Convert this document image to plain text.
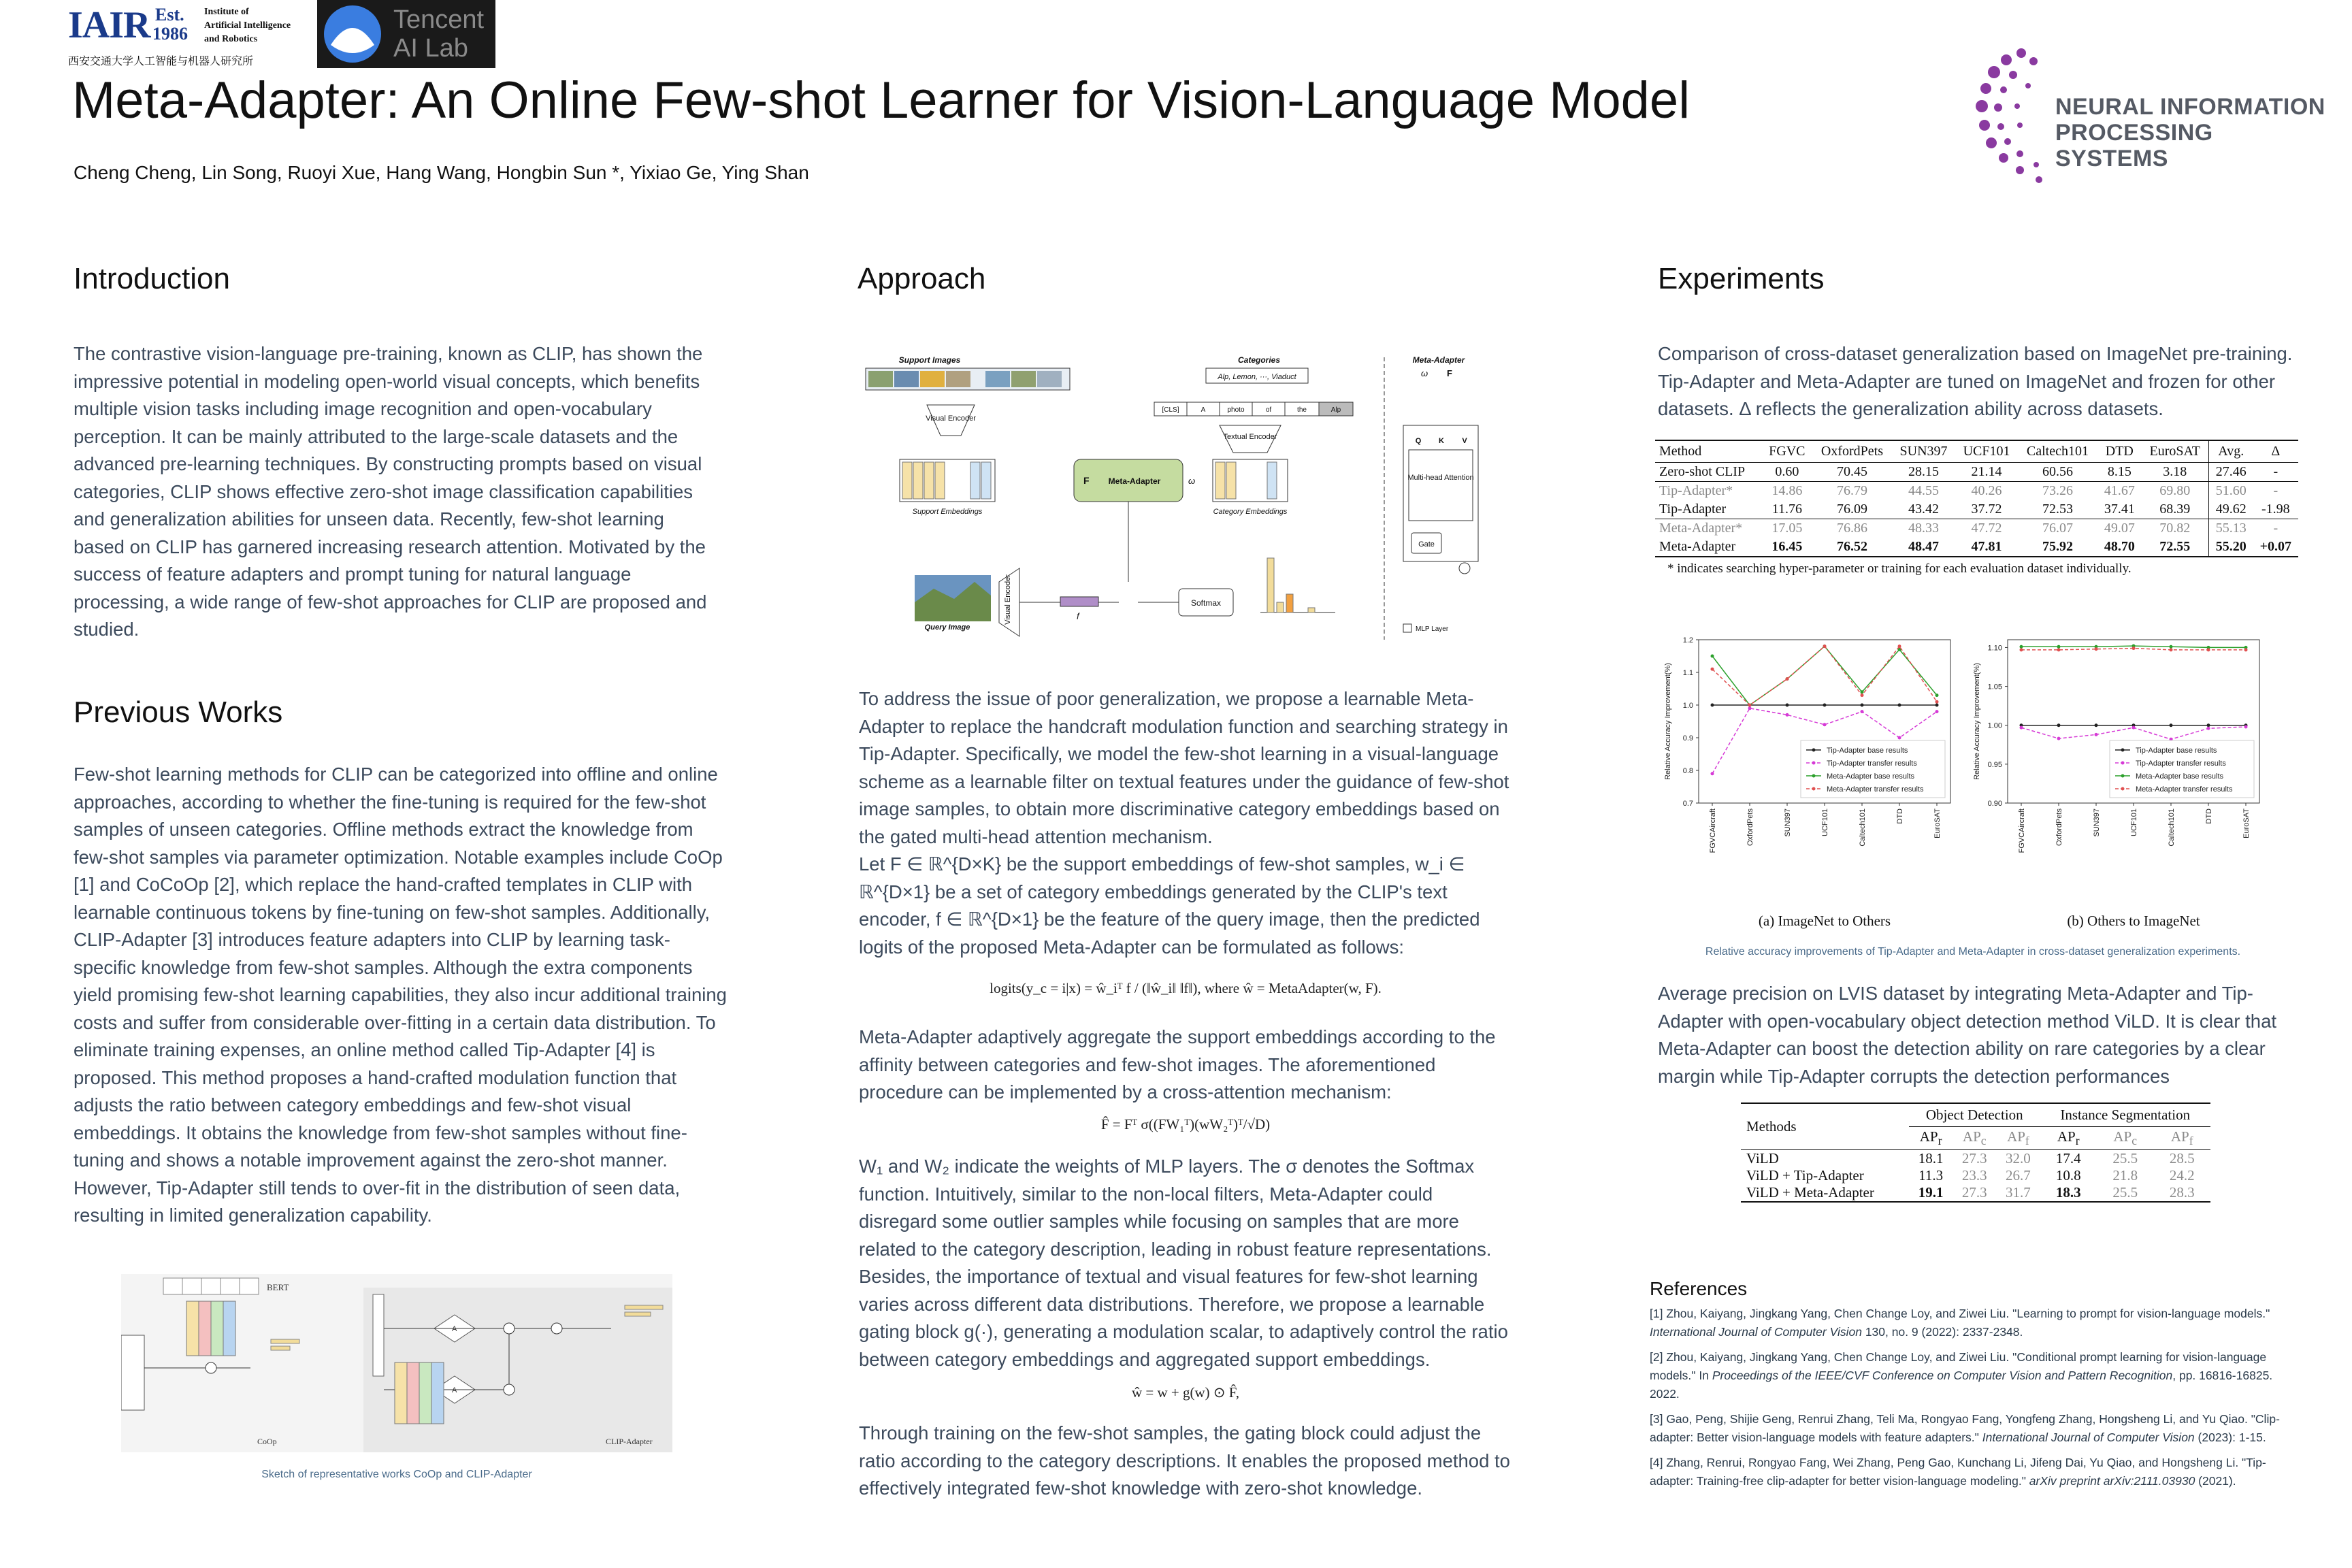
IAIR Est.
1986
Institute of
Artificial Intelligence
and Robotics
西安交通大学人工智能与机器人研究所
Tencent
AI Lab
NEURAL INFORMATION
PROCESSING SYSTEMS
Meta-Adapter: An Online Few-shot Learner for Vision-Language Model
Cheng Cheng, Lin Song, Ruoyi Xue, Hang Wang, Hongbin Sun *, Yixiao Ge, Ying Shan
Introduction
The contrastive vision-language pre-training, known as CLIP, has shown the impressive potential in modeling open-world visual concepts, which benefits multiple vision tasks including image recognition and open-vocabulary perception. It can be mainly attributed to the large-scale datasets and the advanced pre-learning techniques. By constructing prompts based on visual categories, CLIP shows effective zero-shot image classification capabilities and generalization abilities for unseen data. Recently, few-shot learning based on CLIP has garnered increasing research attention. Motivated by the success of feature adapters and prompt tuning for natural language processing, a wide range of few-shot approaches for CLIP are proposed and studied.
Previous Works
Few-shot learning methods for CLIP can be categorized into offline and online approaches, according to whether the fine-tuning is required for the few-shot samples of unseen categories. Offline methods extract the knowledge from few-shot samples via parameter optimization. Notable examples include CoOp [1] and CoCoOp [2], which replace the hand-crafted templates in CLIP with learnable continuous tokens by fine-tuning on few-shot samples. Additionally, CLIP-Adapter [3] introduces feature adapters into CLIP by learning task-specific knowledge from few-shot samples. Although the extra components yield promising few-shot learning capabilities, they also incur additional training costs and suffer from considerable over-fitting in a certain data distribution. To eliminate training expenses, an online method called Tip-Adapter [4] is proposed. This method proposes a hand-crafted modulation function that adjusts the ratio between category embeddings and few-shot visual embeddings. It obtains the knowledge from few-shot samples without fine-tuning and shows a notable improvement against the zero-shot manner. However, Tip-Adapter still tends to over-fit in the distribution of seen data, resulting in limited generalization capability.
BERT
CoOp
A
A
CLIP-Adapter
Sketch of representative works CoOp and CLIP-Adapter
Approach
Support Images
Visual Encoder
Support Embeddings
F Meta-Adapter	ω
Categories
Alp, Lemon, ···, Viaduct
[CLS]	A	photo	of	the	Alp
Textual Encoder
Category Embeddings
Query Image
Visual Encoder	f
Softmax
Meta-Adapter
ω F
Q K V
Multi-head Attention
Gate
MLP Layer
To address the issue of poor generalization, we propose a learnable Meta-Adapter to replace the handcraft modulation function and searching strategy in Tip-Adapter. Specifically, we model the few-shot learning in a visual-language scheme as a learnable filter on textual features under the guidance of few-shot image samples, to obtain more discriminative category embeddings based on the gated multi-head attention mechanism.
Let F ∈ ℝ^{D×K} be the support embeddings of few-shot samples, w_i ∈ ℝ^{D×1} be a set of category embeddings generated by the CLIP's text encoder, f ∈ ℝ^{D×1} be the feature of the query image, then the predicted logits of the proposed Meta-Adapter can be formulated as follows:
logits(y_c = i|x) = ŵ_iᵀ f / (‖ŵ_i‖ ‖f‖), where ŵ = MetaAdapter(w, F).
Meta-Adapter adaptively aggregate the support embeddings according to the affinity between categories and few-shot images. The aforementioned procedure can be implemented by a cross-attention mechanism:
F̂ = Fᵀ σ((FW₁ᵀ)(wW₂ᵀ)ᵀ/√D)
W₁ and W₂ indicate the weights of MLP layers. The σ denotes the Softmax function. Intuitively, similar to the non-local filters, Meta-Adapter could disregard some outlier samples while focusing on samples that are more related to the category description, leading in robust feature representations. Besides, the importance of textual and visual features for few-shot learning varies across different data distributions. Therefore, we propose a learnable gating block g(·), generating a modulation scalar, to adaptively control the ratio between category embeddings and aggregated support embeddings.
ŵ = w + g(w) ⊙ F̂,
Through training on the few-shot samples, the gating block could adjust the ratio according to the category descriptions. It enables the proposed method to effectively integrated few-shot knowledge with zero-shot knowledge.
Experiments
Comparison of cross-dataset generalization based on ImageNet pre-training. Tip-Adapter and Meta-Adapter are tuned on ImageNet and frozen for other datasets. Δ reflects the generalization ability across datasets.
Method	FGVC	OxfordPets	SUN397	UCF101	Caltech101	DTD	EuroSAT	Avg.	Δ
Zero-shot CLIP	0.60	70.45	28.15	21.14	60.56	8.15	3.18	27.46	-
Tip-Adapter*	14.86	76.79	44.55	40.26	73.26	41.67	69.80	51.60	-
Tip-Adapter	11.76	76.09	43.42	37.72	72.53	37.41	68.39	49.62	-1.98
Meta-Adapter*	17.05	76.86	48.33	47.72	76.07	49.07	70.82	55.13	-
Meta-Adapter	16.45	76.52	48.47	47.81	75.92	48.70	72.55	55.20	+0.07
* indicates searching hyper-parameter or training for each evaluation dataset individually.
0.7
0.8
0.9
1.0
1.1
1.2
FGVCAircraft	OxfordPets	SUN397	UCF101	Caltech101	DTD	EuroSAT
Relative Accuracy Improvement(%)	Tip-Adapter base results
Tip-Adapter transfer results
Meta-Adapter base results
Meta-Adapter transfer results
(a) ImageNet to Others
0.90
0.95
1.00
1.05
1.10
FGVCAircraft	OxfordPets	SUN397	UCF101	Caltech101	DTD	EuroSAT
Relative Accuracy Improvement(%)	Tip-Adapter base results
Tip-Adapter transfer results
Meta-Adapter base results
Meta-Adapter transfer results
(b) Others to ImageNet
Relative accuracy improvements of Tip-Adapter and Meta-Adapter in cross-dataset generalization experiments.
Average precision on LVIS dataset by integrating Meta-Adapter and Tip-Adapter with open-vocabulary object detection method ViLD. It is clear that Meta-Adapter can boost the detection ability on rare categories by a clear margin while Tip-Adapter corrupts the detection performances
Methods	Object Detection			Instance Segmentation		
	$AP_r$	$AP_c$	$AP_f$	$AP_r$	$AP_c$	$AP_f$
ViLD	18.1	27.3	32.0	17.4	25.5	28.5
ViLD + Tip-Adapter	11.3	23.3	26.7	10.8	21.8	24.2
ViLD + Meta-Adapter	19.1	27.3	31.7	18.3	25.5	28.3
References

[1] Zhou, Kaiyang, Jingkang Yang, Chen Change Loy, and Ziwei Liu. "Learning to prompt for vision-language models." International Journal of Computer Vision 130, no. 9 (2022): 2337-2348.

[2] Zhou, Kaiyang, Jingkang Yang, Chen Change Loy, and Ziwei Liu. "Conditional prompt learning for vision-language models." In Proceedings of the IEEE/CVF Conference on Computer Vision and Pattern Recognition, pp. 16816-16825. 2022.

[3] Gao, Peng, Shijie Geng, Renrui Zhang, Teli Ma, Rongyao Fang, Yongfeng Zhang, Hongsheng Li, and Yu Qiao. "Clip-adapter: Better vision-language models with feature adapters." International Journal of Computer Vision (2023): 1-15.

[4] Zhang, Renrui, Rongyao Fang, Wei Zhang, Peng Gao, Kunchang Li, Jifeng Dai, Yu Qiao, and Hongsheng Li. "Tip-adapter: Training-free clip-adapter for better vision-language modeling." arXiv preprint arXiv:2111.03930 (2021).
